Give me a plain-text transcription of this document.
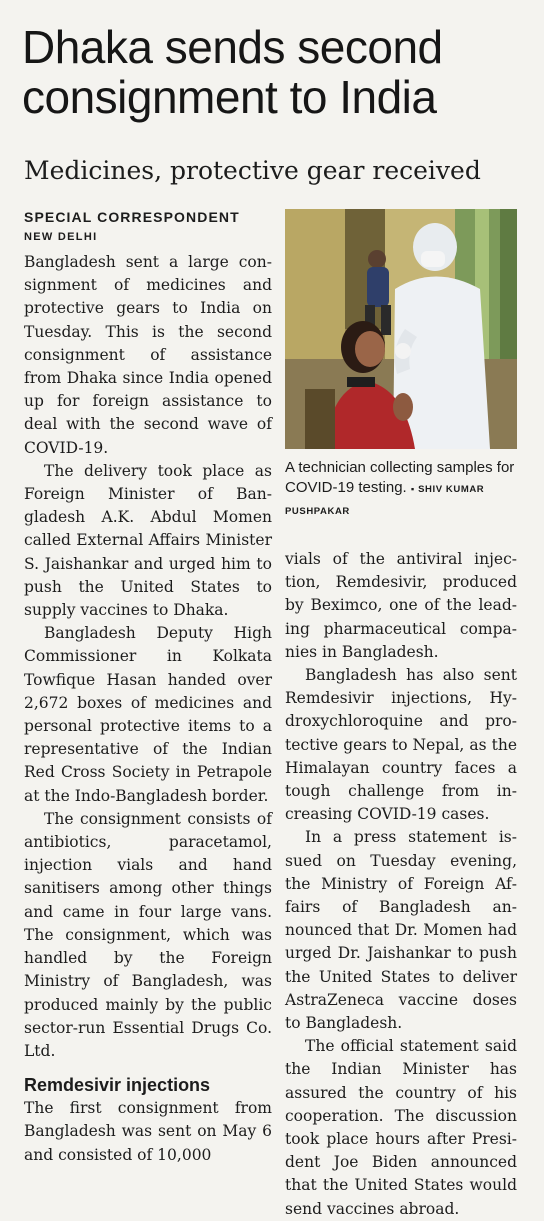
Dhaka sends second
consignment to India
Medicines, protective gear received
SPECIAL CORRESPONDENT
NEW DELHI

Bangladesh sent a large consignment of medicines and protective gears to India on Tuesday. This is the second consignment of assistance from Dhaka since India opened up for foreign assistance to deal with the second wave of COVID-19.

The delivery took place as Foreign Minister of Bangladesh A.K. Abdul Momen called External Affairs Minister S. Jaishankar and urged him to push the United States to supply vaccines to Dhaka.

Bangladesh Deputy High Commissioner in Kolkata Towfique Hasan handed over 2,672 boxes of medicines and personal protective items to a representative of the Indian Red Cross Society in Petrapole at the Indo-Bangladesh border.

The consignment consists of antibiotics, paracetamol, injection vials and hand sanitisers among other things and came in four large vans. The consignment, which was handled by the Foreign Ministry of Bangladesh, was produced mainly by the public sector-run Essential Drugs Co. Ltd.

Remdesivir injections

The first consignment from Bangladesh was sent on May 6 and consisted of 10,000

A technician collecting samples for COVID-19 testing. ▪ SHIV KUMAR PUSHPAKAR

vials of the antiviral injection, Remdesivir, produced by Beximco, one of the leading pharmaceutical companies in Bangladesh.

Bangladesh has also sent Remdesivir injections, Hydroxychloroquine and protective gears to Nepal, as the Himalayan country faces a tough challenge from increasing COVID-19 cases.

In a press statement issued on Tuesday evening, the Ministry of Foreign Affairs of Bangladesh announced that Dr. Momen had urged Dr. Jaishankar to push the United States to deliver AstraZeneca vaccine doses to Bangladesh.

The official statement said the Indian Minister has assured the country of his cooperation. The discussion took place hours after President Joe Biden announced that the United States would send vaccines abroad.
